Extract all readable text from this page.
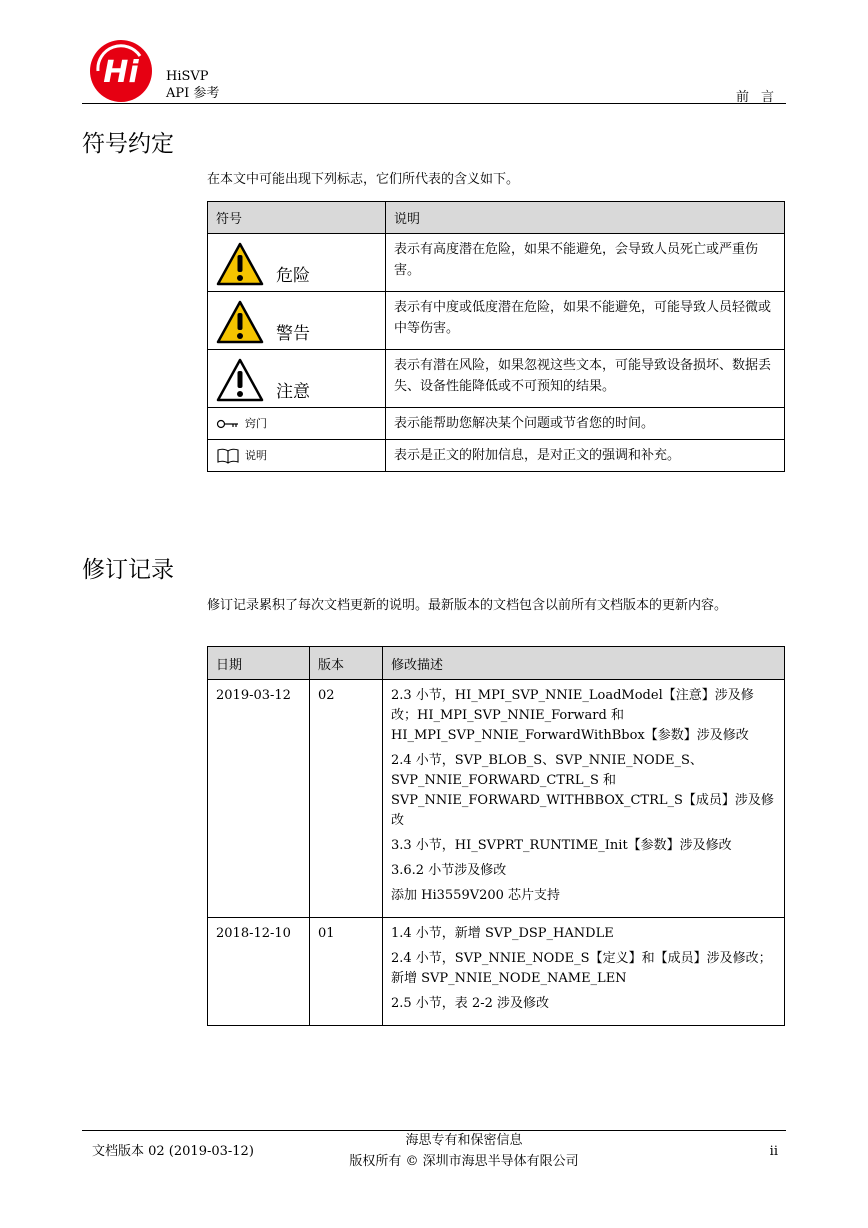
Hi HiSVP
API 参考	前言
符号约定
在本文中可能出现下列标志，它们所代表的含义如下。
符号	说明

危险	表示有高度潜在危险，如果不能避免，会导致人员死亡或严重伤害。

警告	表示有中度或低度潜在危险，如果不能避免，可能导致人员轻微或中等伤害。

注意	表示有潜在风险，如果忽视这些文本，可能导致设备损坏、数据丢失、设备性能降低或不可预知的结果。

窍门	表示能帮助您解决某个问题或节省您的时间。

说明	表示是正文的附加信息，是对正文的强调和补充。
修订记录
修订记录累积了每次文档更新的说明。最新版本的文档包含以前所有文档版本的更新内容。
日期	版本	修改描述
2019-03-12	02	2.3 小节，HI_MPI_SVP_NNIE_LoadModel【注意】涉及修改；HI_MPI_SVP_NNIE_Forward 和 HI_MPI_SVP_NNIE_ForwardWithBbox【参数】涉及修改

2.4 小节，SVP_BLOB_S、SVP_NNIE_NODE_S、SVP_NNIE_FORWARD_CTRL_S 和 SVP_NNIE_FORWARD_WITHBBOX_CTRL_S【成员】涉及修改

3.3 小节，HI_SVPRT_RUNTIME_Init【参数】涉及修改

3.6.2 小节涉及修改

添加 Hi3559V200 芯片支持

2018-12-10	01	1.4 小节，新增 SVP_DSP_HANDLE

2.4 小节，SVP_NNIE_NODE_S【定义】和【成员】涉及修改；新增 SVP_NNIE_NODE_NAME_LEN

2.5 小节，表 2-2 涉及修改

文档版本 02 (2019-03-12)
海思专有和保密信息
版权所有 © 深圳市海思半导体有限公司
ii
